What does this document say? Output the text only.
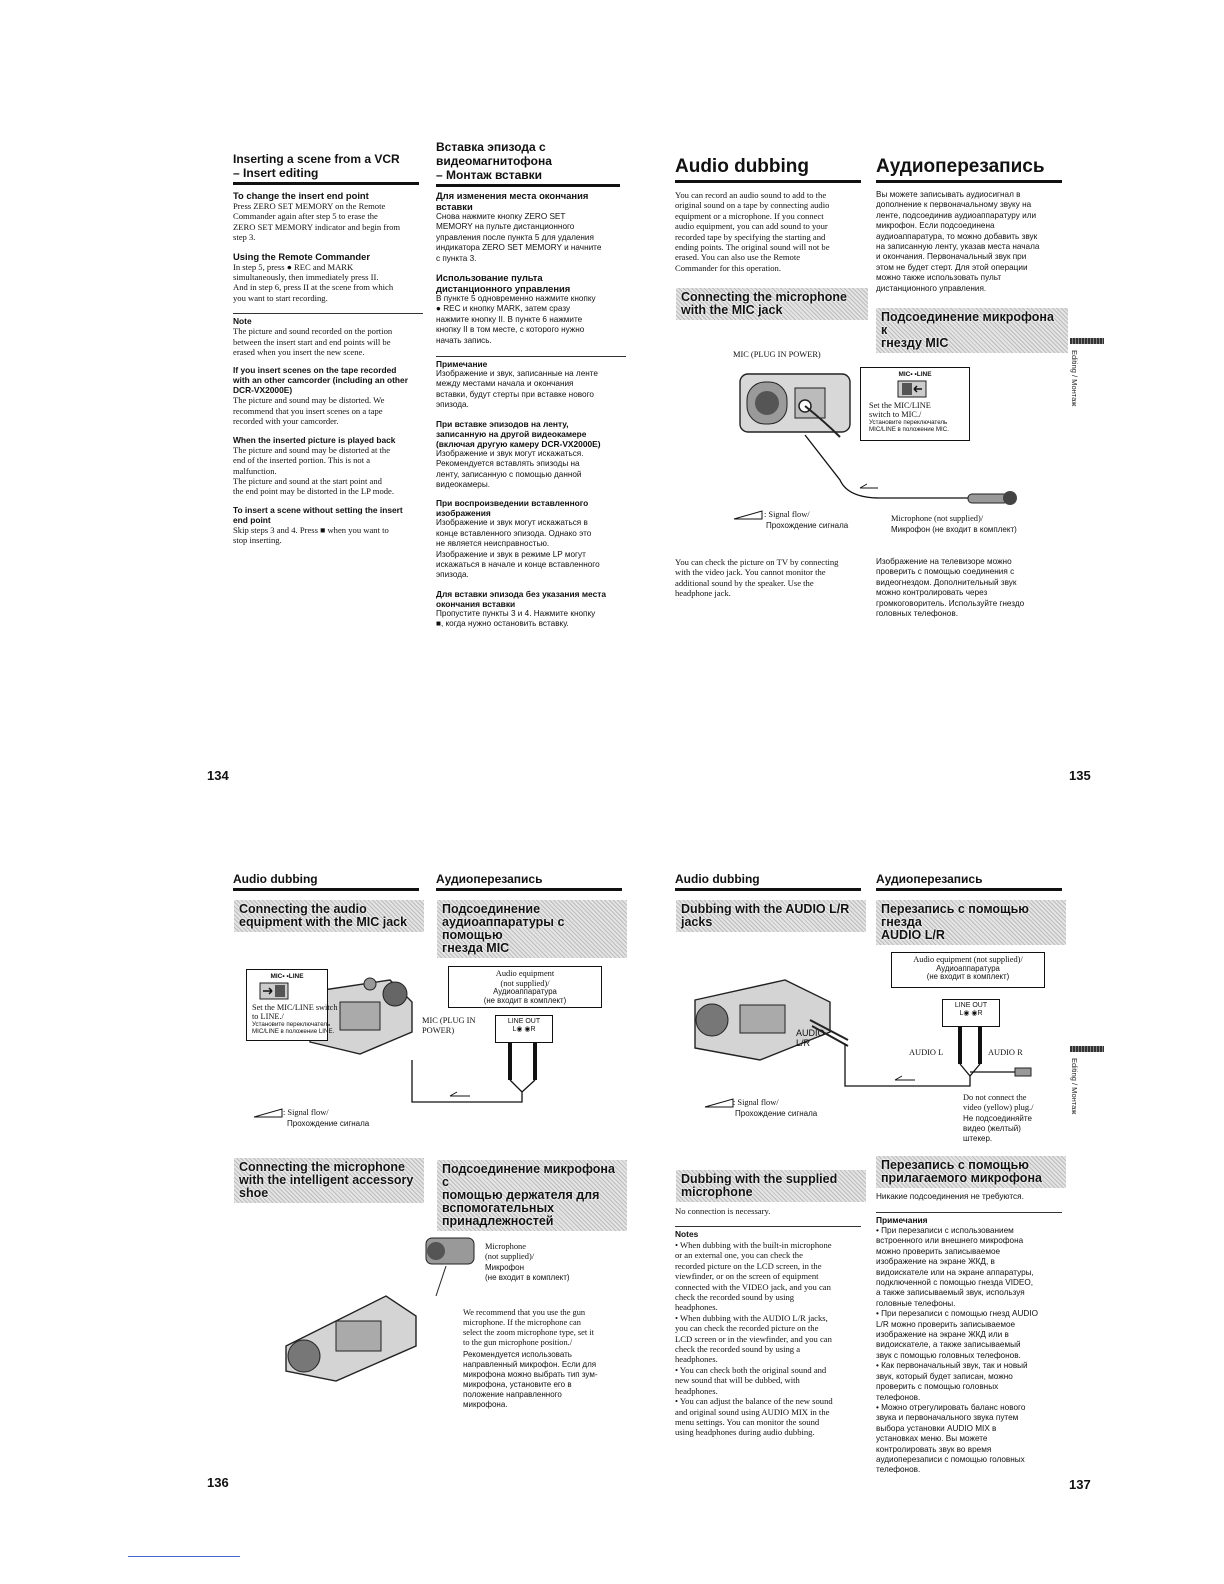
Inserting a scene from a VCR
– Insert editing

To change the insert end point

Press ZERO SET MEMORY on the Remote
Commander again after step 5 to erase the
ZERO SET MEMORY indicator and begin from
step 3.

Using the Remote Commander

In step 5, press ● REC and MARK
simultaneously, then immediately press II.
And in step 6, press II at the scene from which
you want to start recording.

Note

The picture and sound recorded on the portion
between the insert start and end points will be
erased when you insert the new scene.

If you insert scenes on the tape recorded
with an other camcorder (including an other
DCR-VX2000E)

The picture and sound may be distorted. We
recommend that you insert scenes on a tape
recorded with your camcorder.

When the inserted picture is played back

The picture and sound may be distorted at the
end of the inserted portion. This is not a
malfunction.
The picture and sound at the start point and
the end point may be distorted in the LP mode.

To insert a scene without setting the insert
end point

Skip steps 3 and 4. Press ■ when you want to
stop inserting.

Вставка эпизода с
видеомагнитофона
– Монтаж вставки

Для изменения места окончания
вставки

Снова нажмите кнопку ZERO SET
MEMORY на пульте дистанционного
управления после пункта 5 для удаления
индикатора ZERO SET MEMORY и начните
с пункта 3.

Использование пульта
дистанционного управления

В пункте 5 одновременно нажмите кнопку
● REC и кнопку MARK, затем сразу
нажмите кнопку II. В пункте 6 нажмите
кнопку II в том месте, с которого нужно
начать запись.

Примечание

Изображение и звук, записанные на ленте
между местами начала и окончания
вставки, будут стерты при вставке нового
эпизода.

При вставке эпизодов на ленту,
записанную на другой видеокамере
(включая другую камеру DCR-VX2000E)

Изображение и звук могут искажаться.
Рекомендуется вставлять эпизоды на
ленту, записанную с помощью данной
видеокамеры.

При воспроизведении вставленного
изображения

Изображение и звук могут искажаться в
конце вставленного эпизода. Однако это
не является неисправностью.
Изображение и звук в режиме LP могут
искажаться в начале и конце вставленного
эпизода.

Для вставки эпизода без указания места
окончания вставки

Пропустите пункты 3 и 4. Нажмите кнопку
■, когда нужно остановить вставку.

134
Audio dubbing	Аудиоперезапись

You can record an audio sound to add to the
original sound on a tape by connecting audio
equipment or a microphone. If you connect
audio equipment, you can add sound to your
recorded tape by specifying the starting and
ending points. The original sound will not be
erased. You can also use the Remote
Commander for this operation.

Вы можете записывать аудиосигнал в
дополнение к первоначальному звуку на
ленте, подсоединив аудиоаппаратуру или
микрофон. Если подсоединена
аудиоаппаратура, то можно добавить звук
на записанную ленту, указав места начала
и окончания. Первоначальный звук при
этом не будет стерт. Для этой операции
можно также использовать пульт
дистанционного управления.

Connecting the microphone
with the MIC jack	Подсоединение микрофона к
гнезду MIC
MIC (PLUG IN POWER)
MIC• •LINE
Set the MIC/LINE
switch to MIC./
Установите переключатель
MIC/LINE в положение MIC.
: Signal flow/
Прохождение сигнала
Microphone (not supplied)/
Микрофон (не входит в комплект)

You can check the picture on TV by connecting
with the video jack. You cannot monitor the
additional sound by the speaker. Use the
headphone jack.

Изображение на телевизоре можно
проверить с помощью соединения с
видеогнездом. Дополнительный звук
можно контролировать через
громкоговоритель. Используйте гнездо
головных телефонов.

Editing / Монтаж
135
Audio dubbing	Аудиоперезапись
Connecting the audio
equipment with the MIC jack
Подсоединение
аудиоаппаратуры с помощью
гнезда MIC
MIC• •LINE
Set the MIC/LINE switch
to LINE./
Установите переключатель
MIC/LINE в положение LINE.
Audio equipment
(not supplied)/
Аудиоаппаратура
(не входит в комплект)
MIC (PLUG IN
POWER)
LINE OUT
L◉ ◉R
: Signal flow/
Прохождение сигнала
Connecting the microphone
with the intelligent accessory
shoe
Подсоединение микрофона с
помощью держателя для
вспомогательных
принадлежностей
Microphone
(not supplied)/
Микрофон
(не входит в комплект)
We recommend that you use the gun
microphone. If the microphone can
select the zoom microphone type, set it
to the gun microphone position./
Рекомендуется использовать
направленный микрофон. Если для
микрофона можно выбрать тип зум-
микрофона, установите его в
положение направленного
микрофона.
136
Audio dubbing	Аудиоперезапись
Dubbing with the AUDIO L/R
jacks
Перезапись с помощью гнезда
AUDIO L/R
AUDIO
L/R
Audio equipment (not supplied)/
Аудиоаппаратура
(не входит в комплект)
LINE OUT
L◉ ◉R
AUDIO L	AUDIO R
: Signal flow/
Прохождение сигнала
Do not connect the
video (yellow) plug./
Не подсоединяйте
видео (желтый)
штекер.
Dubbing with the supplied
microphone
Перезапись с помощью
прилагаемого микрофона

No connection is necessary.

Никакие подсоединения не требуются.

Notes

• When dubbing with the built-in microphone
or an external one, you can check the
recorded picture on the LCD screen, in the
viewfinder, or on the screen of equipment
connected with the VIDEO jack, and you can
check the recorded sound by using
headphones.
• When dubbing with the AUDIO L/R jacks,
you can check the recorded picture on the
LCD screen or in the viewfinder, and you can
check the recorded sound by using a
headphones.
• You can check both the original sound and
new sound that will be dubbed, with
headphones.
• You can adjust the balance of the new sound
and original sound using AUDIO MIX in the
menu settings. You can monitor the sound
using headphones during audio dubbing.

Примечания

• При перезаписи с использованием
встроенного или внешнего микрофона
можно проверить записываемое
изображение на экране ЖКД, в
видоискателе или на экране аппаратуры,
подключенной с помощью гнезда VIDEO,
а также записываемый звук, используя
головные телефоны.
• При перезаписи с помощью гнезд AUDIO
L/R можно проверить записываемое
изображение на экране ЖКД или в
видоискателе, а также записываемый
звук с помощью головных телефонов.
• Как первоначальный звук, так и новый
звук, который будет записан, можно
проверить с помощью головных
телефонов.
• Можно отрегулировать баланс нового
звука и первоначального звука путем
выбора установки AUDIO MIX в
установках меню. Вы можете
контролировать звук во время
аудиоперезаписи с помощью головных
телефонов.

Editing / Монтаж
137
